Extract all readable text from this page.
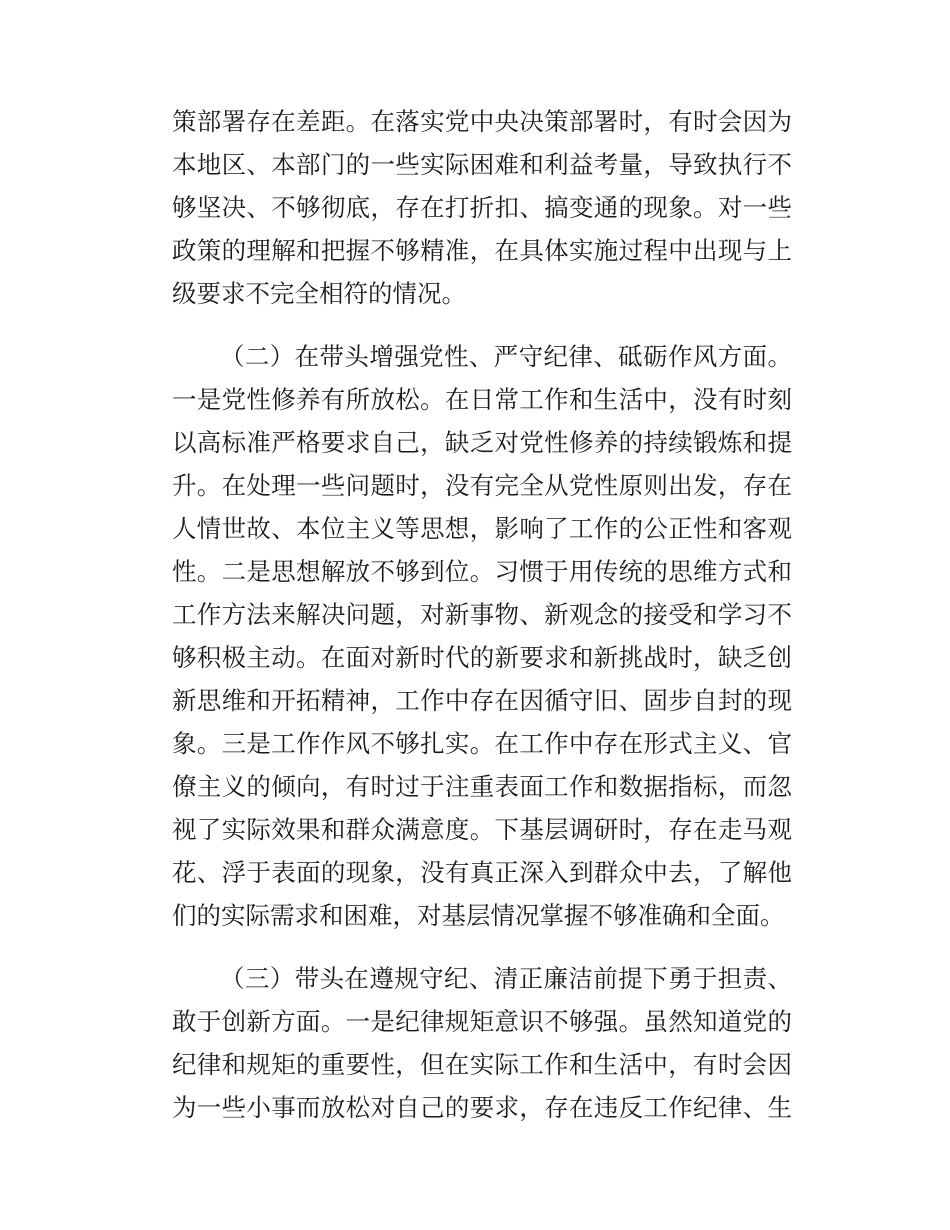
策部署存在差距。在落实党中央决策部署时，有时会因为
本地区、本部门的一些实际困难和利益考量，导致执行不
够坚决、不够彻底，存在打折扣、搞变通的现象。对一些
政策的理解和把握不够精准，在具体实施过程中出现与上
级要求不完全相符的情况。
（二）在带头增强党性、严守纪律、砥砺作风方面。
一是党性修养有所放松。在日常工作和生活中，没有时刻
以高标准严格要求自己，缺乏对党性修养的持续锻炼和提
升。在处理一些问题时，没有完全从党性原则出发，存在
人情世故、本位主义等思想，影响了工作的公正性和客观
性。二是思想解放不够到位。习惯于用传统的思维方式和
工作方法来解决问题，对新事物、新观念的接受和学习不
够积极主动。在面对新时代的新要求和新挑战时，缺乏创
新思维和开拓精神，工作中存在因循守旧、固步自封的现
象。三是工作作风不够扎实。在工作中存在形式主义、官
僚主义的倾向，有时过于注重表面工作和数据指标，而忽
视了实际效果和群众满意度。下基层调研时，存在走马观
花、浮于表面的现象，没有真正深入到群众中去，了解他
们的实际需求和困难，对基层情况掌握不够准确和全面。
（三）带头在遵规守纪、清正廉洁前提下勇于担责、
敢于创新方面。一是纪律规矩意识不够强。虽然知道党的
纪律和规矩的重要性，但在实际工作和生活中，有时会因
为一些小事而放松对自己的要求，存在违反工作纪律、生
